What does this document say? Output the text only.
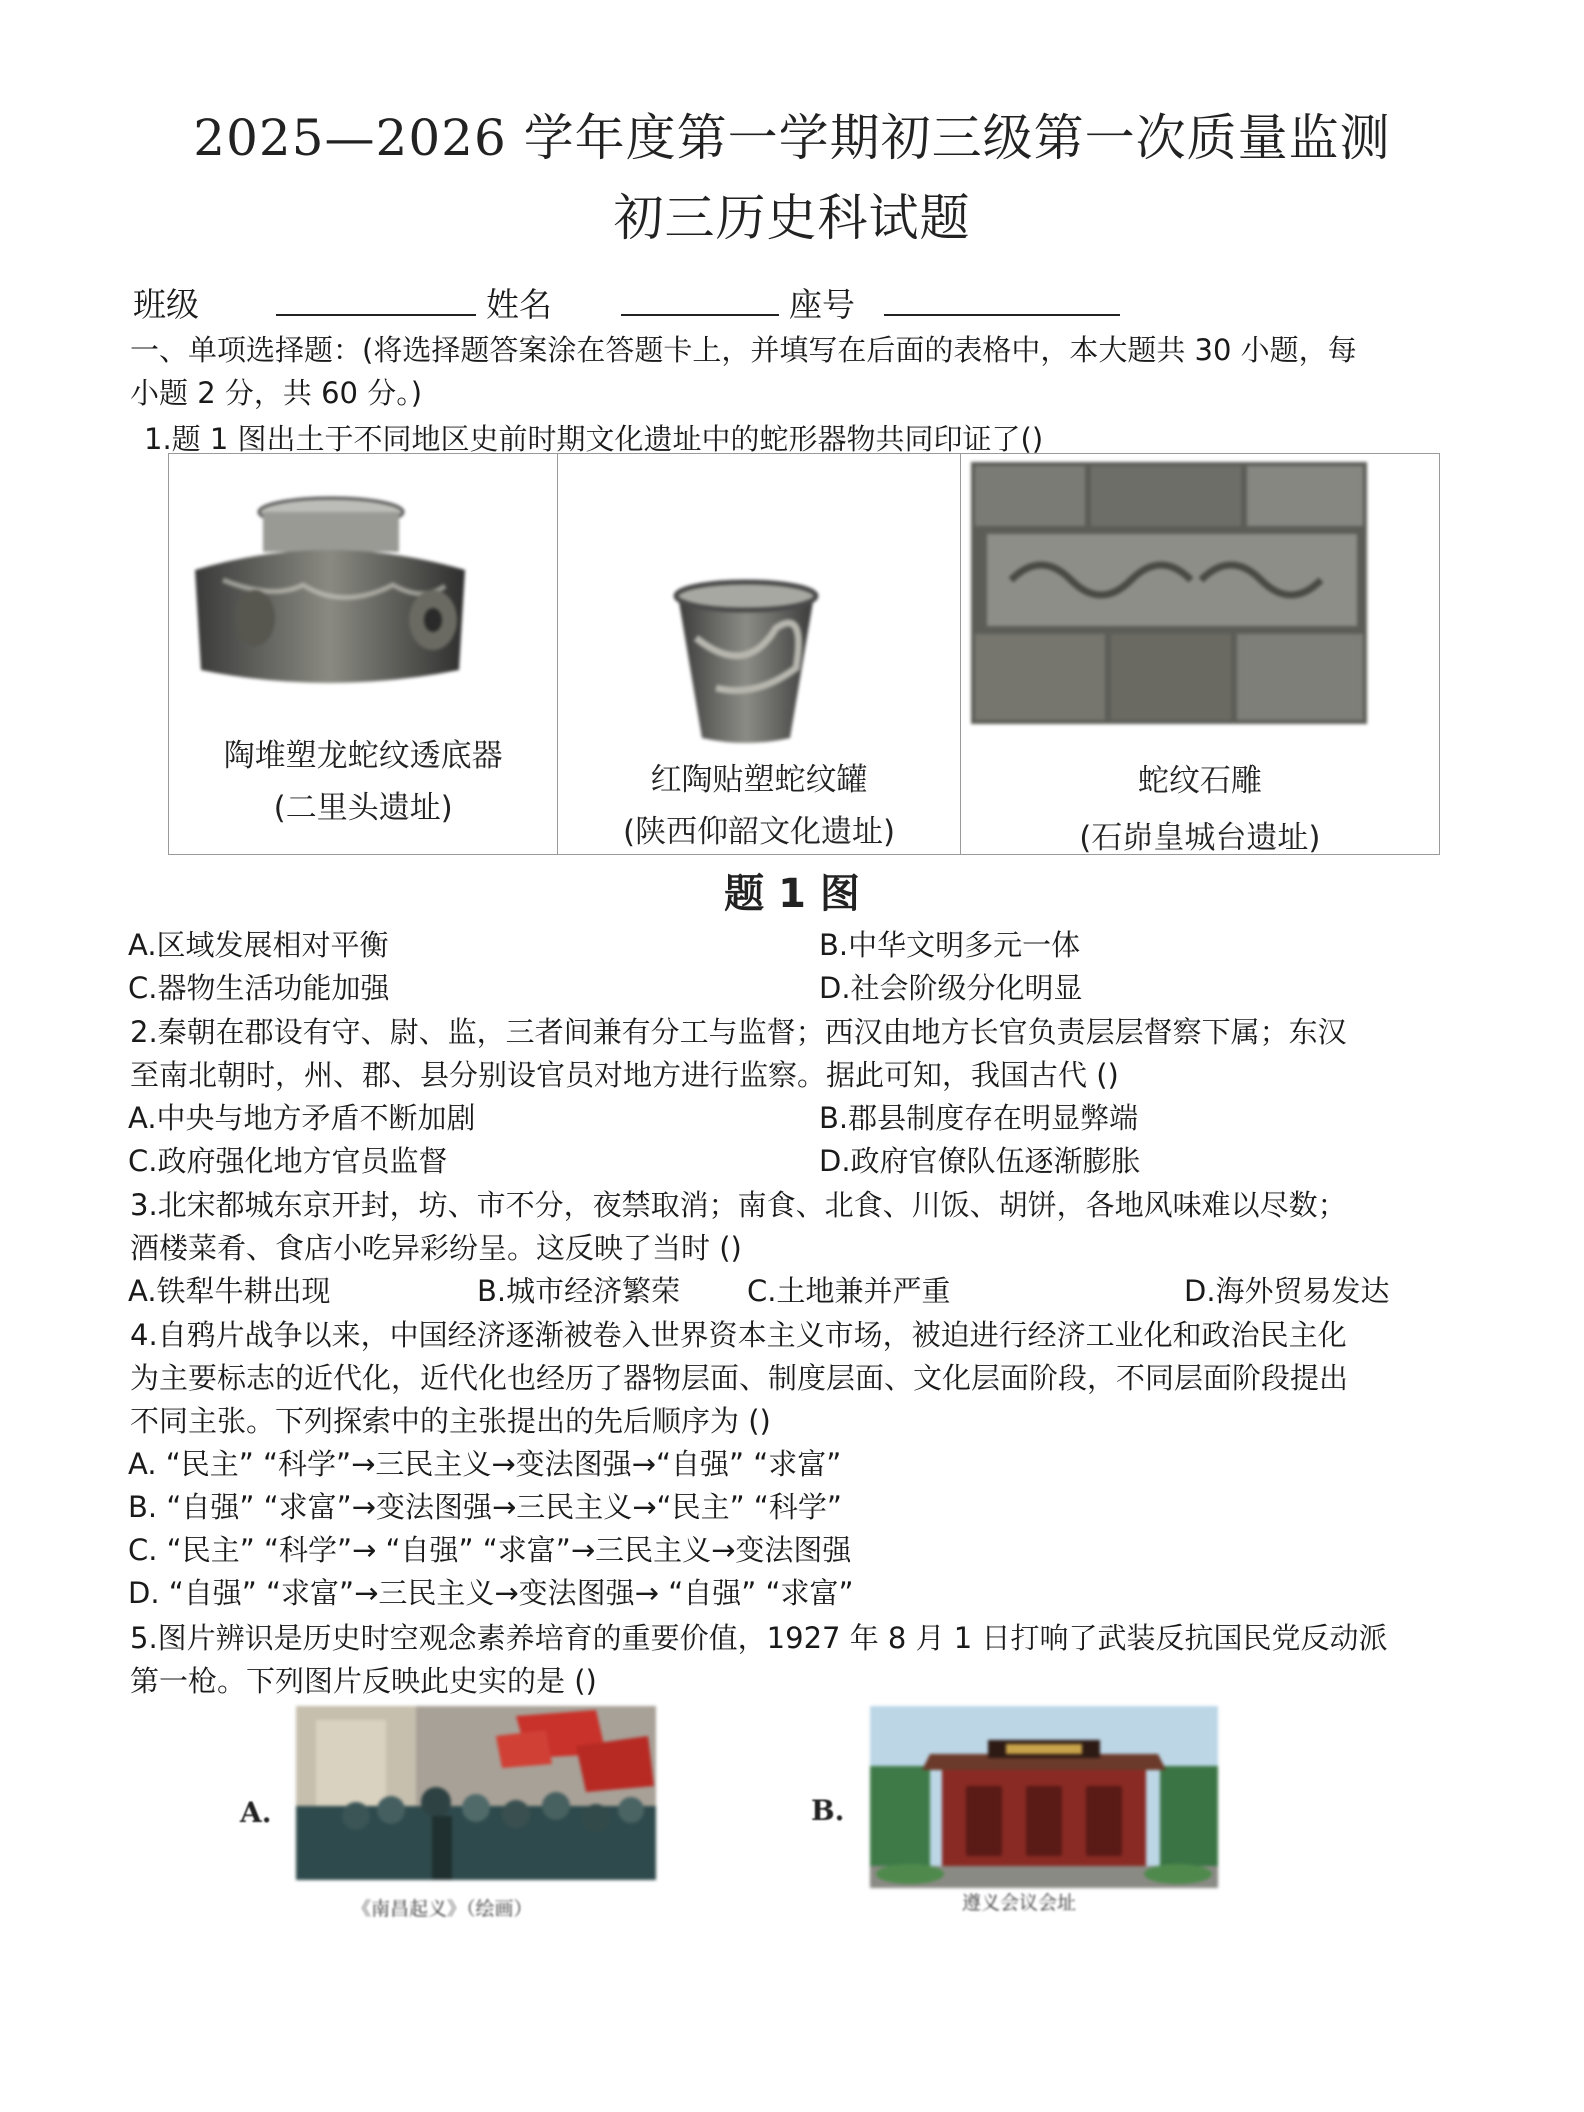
2025—2026 学年度第一学期初三级第一次质量监测
初三历史科试题
班级	姓名	座号
一、单项选择题：(将选择题答案涂在答题卡上，并填写在后面的表格中，本大题共 30 小题，每
小题 2 分，共 60 分。)
1.题 1 图出土于不同地区史前时期文化遗址中的蛇形器物共同印证了()
陶堆塑龙蛇纹透底器
(二里头遗址)
红陶贴塑蛇纹罐
(陕西仰韶文化遗址)
蛇纹石雕
(石峁皇城台遗址)
题 1 图
A.区域发展相对平衡	B.中华文明多元一体
C.器物生活功能加强	D.社会阶级分化明显
2.秦朝在郡设有守、尉、监，三者间兼有分工与监督；西汉由地方长官负责层层督察下属；东汉
至南北朝时，州、郡、县分别设官员对地方进行监察。据此可知，我国古代 ()
A.中央与地方矛盾不断加剧	B.郡县制度存在明显弊端
C.政府强化地方官员监督	D.政府官僚队伍逐渐膨胀
3.北宋都城东京开封，坊、市不分，夜禁取消；南食、北食、川饭、胡饼，各地风味难以尽数；
酒楼菜肴、食店小吃异彩纷呈。这反映了当时 ()
A.铁犁牛耕出现	B.城市经济繁荣 C.土地兼并严重	D.海外贸易发达
4.自鸦片战争以来，中国经济逐渐被卷入世界资本主义市场，被迫进行经济工业化和政治民主化
为主要标志的近代化，近代化也经历了器物层面、制度层面、文化层面阶段，不同层面阶段提出
不同主张。下列探索中的主张提出的先后顺序为 ()
A. “民主” “科学”→三民主义→变法图强→“自强” “求富”
B. “自强” “求富”→变法图强→三民主义→“民主” “科学”
C. “民主” “科学”→ “自强” “求富”→三民主义→变法图强
D. “自强” “求富”→三民主义→变法图强→ “自强” “求富”
5.图片辨识是历史时空观念素养培育的重要价值，1927 年 8 月 1 日打响了武装反抗国民党反动派
第一枪。下列图片反映此史实的是 ()
A.
《南昌起义》（绘画）
B.
遵义会议会址
